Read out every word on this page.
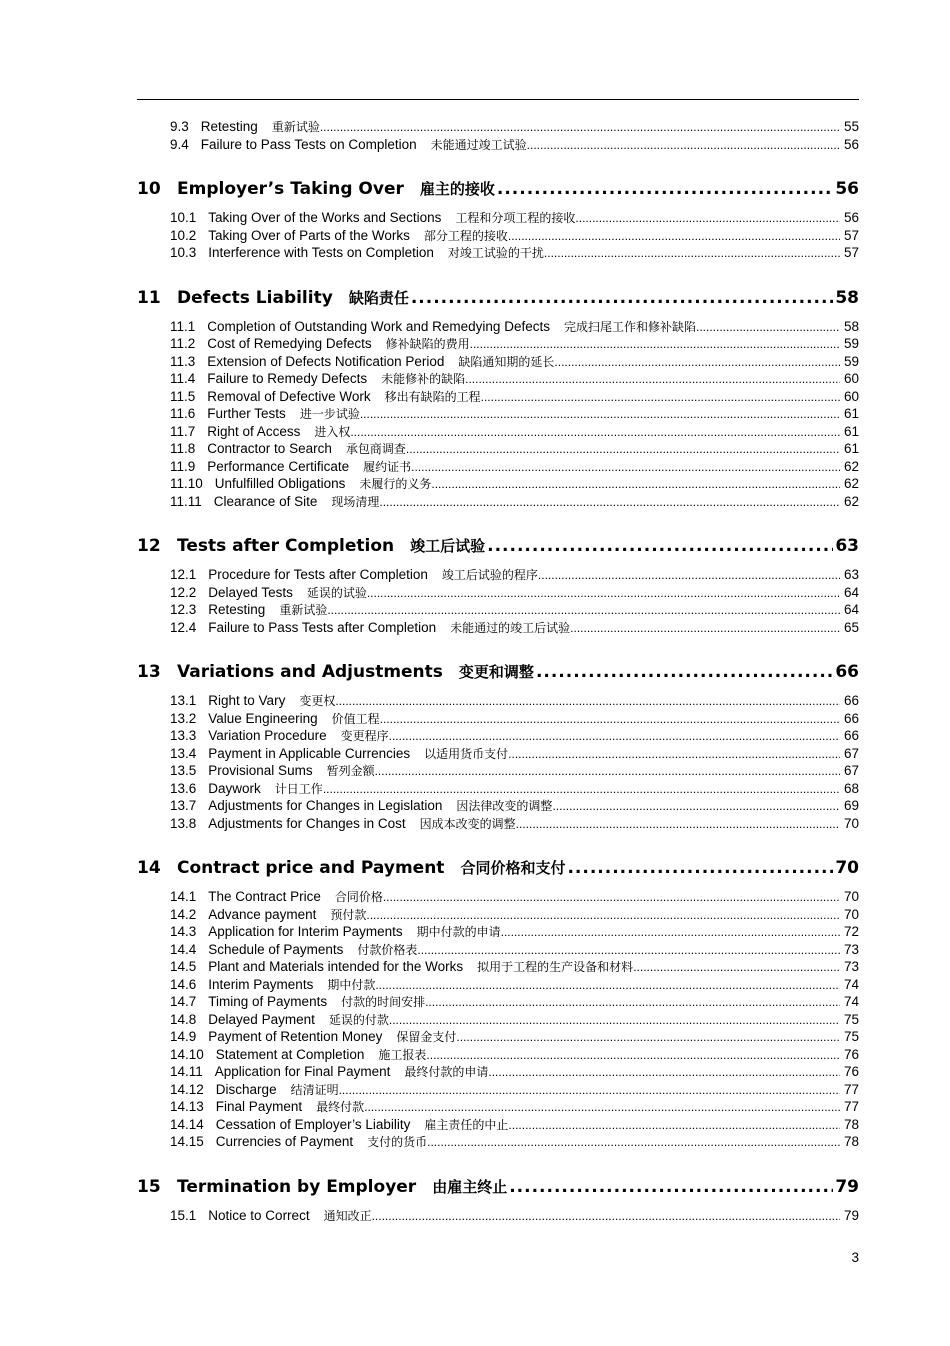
9.3 Retesting 重新试验 .....	55
9.4 Failure to Pass Tests on Completion 未能通过竣工试验 .....	56
10 Employer’s Taking Over 雇主的接收 .....	56
10.1 Taking Over of the Works and Sections 工程和分项工程的接收 .....	56
10.2 Taking Over of Parts of the Works 部分工程的接收 .....	57
10.3 Interference with Tests on Completion 对竣工试验的干扰 .....	57
11 Defects Liability 缺陷责任 .....	58
11.1 Completion of Outstanding Work and Remedying Defects 完成扫尾工作和修补缺陷 .....	58
11.2 Cost of Remedying Defects 修补缺陷的费用 .....	59
11.3 Extension of Defects Notification Period 缺陷通知期的延长 .....	59
11.4 Failure to Remedy Defects 未能修补的缺陷 .....	60
11.5 Removal of Defective Work 移出有缺陷的工程 .....	60
11.6 Further Tests 进一步试验 .....	61
11.7 Right of Access 进入权 .....	61
11.8 Contractor to Search 承包商调查 .....	61
11.9 Performance Certificate 履约证书 .....	62
11.10 Unfulfilled Obligations 未履行的义务 .....	62
11.11 Clearance of Site 现场清理 .....	62
12 Tests after Completion 竣工后试验 .....	63
12.1 Procedure for Tests after Completion 竣工后试验的程序 .....	63
12.2 Delayed Tests 延误的试验 .....	64
12.3 Retesting 重新试验 .....	64
12.4 Failure to Pass Tests after Completion 未能通过的竣工后试验 .....	65
13 Variations and Adjustments 变更和调整 .....	66
13.1 Right to Vary 变更权 .....	66
13.2 Value Engineering 价值工程 .....	66
13.3 Variation Procedure 变更程序 .....	66
13.4 Payment in Applicable Currencies 以适用货币支付 .....	67
13.5 Provisional Sums 暂列金额 .....	67
13.6 Daywork 计日工作 .....	68
13.7 Adjustments for Changes in Legislation 因法律改变的调整 .....	69
13.8 Adjustments for Changes in Cost 因成本改变的调整 .....	70
14 Contract price and Payment 合同价格和支付 .....	70
14.1 The Contract Price 合同价格 .....	70
14.2 Advance payment 预付款 .....	70
14.3 Application for Interim Payments 期中付款的申请 .....	72
14.4 Schedule of Payments 付款价格表 .....	73
14.5 Plant and Materials intended for the Works 拟用于工程的生产设备和材料 .....	73
14.6 Interim Payments 期中付款 .....	74
14.7 Timing of Payments 付款的时间安排 .....	74
14.8 Delayed Payment 延误的付款 .....	75
14.9 Payment of Retention Money 保留金支付 .....	75
14.10 Statement at Completion 施工报表 .....	76
14.11 Application for Final Payment 最终付款的申请 .....	76
14.12 Discharge 结清证明 .....	77
14.13 Final Payment 最终付款 .....	77
14.14 Cessation of Employer’s Liability 雇主责任的中止 .....	78
14.15 Currencies of Payment 支付的货币 .....	78
15 Termination by Employer 由雇主终止 .....	79
15.1 Notice to Correct 通知改正 .....	79
3
